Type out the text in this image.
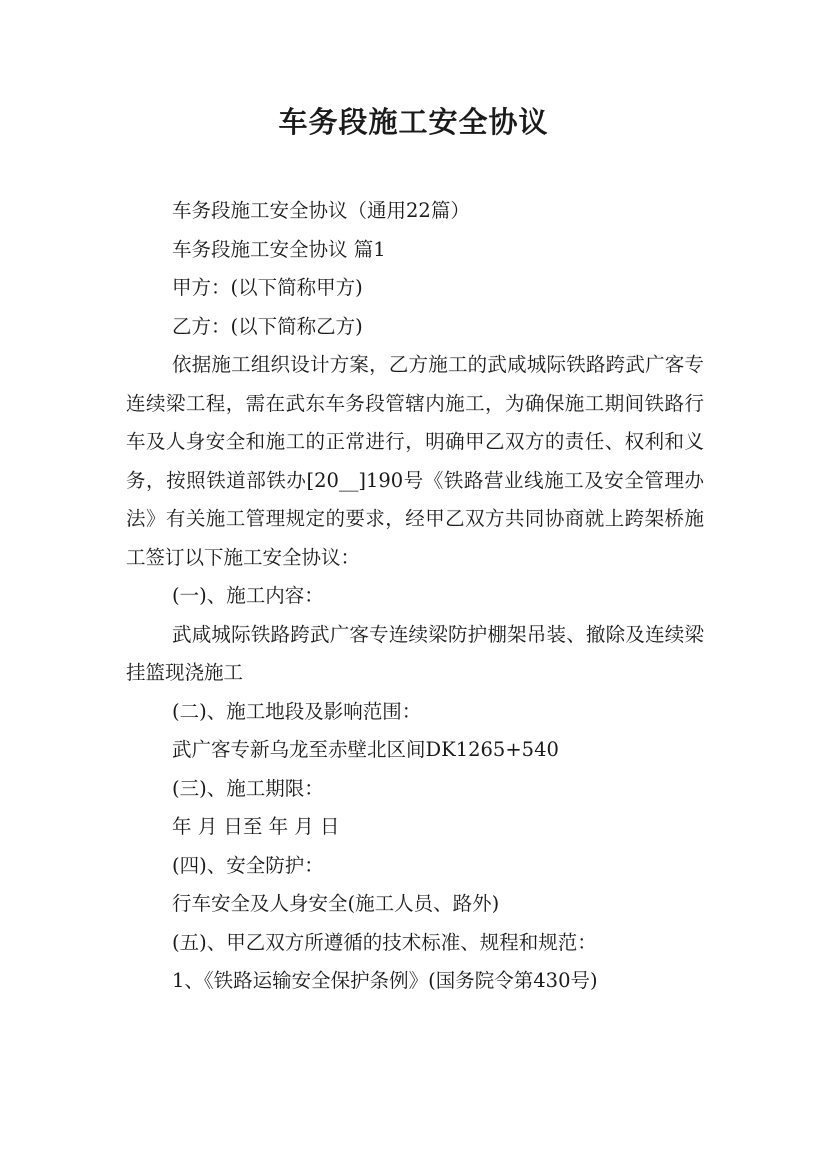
车务段施工安全协议

车务段施工安全协议（通用22篇）

车务段施工安全协议 篇1

甲方：(以下简称甲方)

乙方：(以下简称乙方)

依据施工组织设计方案，乙方施工的武咸城际铁路跨武广客专连续梁工程，需在武东车务段管辖内施工，为确保施工期间铁路行车及人身安全和施工的正常进行，明确甲乙双方的责任、权利和义务，按照铁道部铁办[20__]190号《铁路营业线施工及安全管理办法》有关施工管理规定的要求，经甲乙双方共同协商就上跨架桥施工签订以下施工安全协议：

(一)、施工内容：

武咸城际铁路跨武广客专连续梁防护棚架吊装、撤除及连续梁挂篮现浇施工

(二)、施工地段及影响范围：

武广客专新乌龙至赤壁北区间DK1265+540

(三)、施工期限：

年 月 日至 年 月 日

(四)、安全防护：

行车安全及人身安全(施工人员、路外)

(五)、甲乙双方所遵循的技术标准、规程和规范：

1、《铁路运输安全保护条例》(国务院令第430号)
